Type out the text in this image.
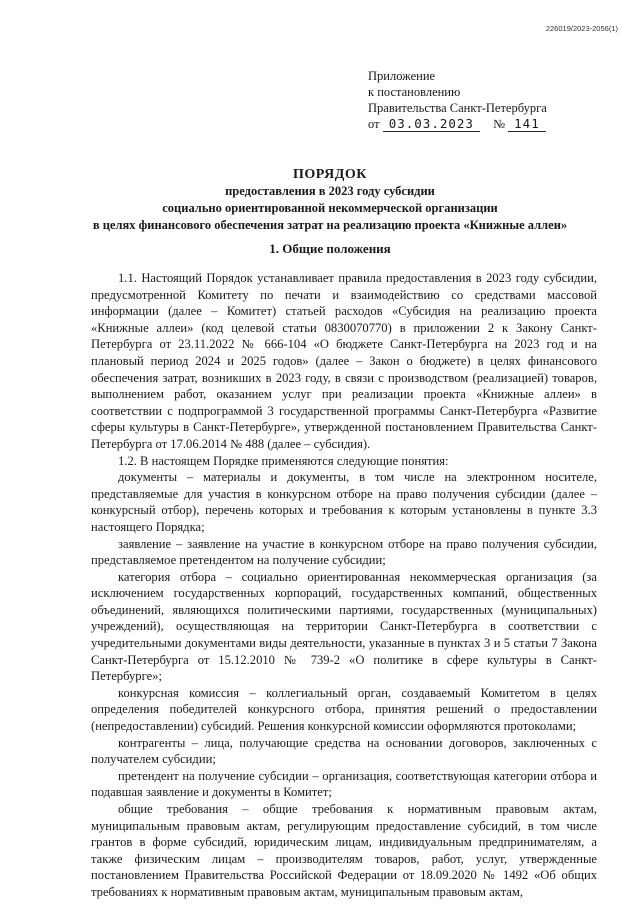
226019/2023-2056(1)
Приложение
к постановлению
Правительства Санкт-Петербурга
от 03.03.2023 № 141
ПОРЯДОК
предоставления в 2023 году субсидии
социально ориентированной некоммерческой организации
в целях финансового обеспечения затрат на реализацию проекта «Книжные аллеи»
1. Общие положения

1.1. Настоящий Порядок устанавливает правила предоставления в 2023 году субсидии, предусмотренной Комитету по печати и взаимодействию со средствами массовой информации (далее – Комитет) статьей расходов «Субсидия на реализацию проекта «Книжные аллеи» (код целевой статьи 0830070770) в приложении 2 к Закону Санкт-Петербурга от 23.11.2022 № 666-104 «О бюджете Санкт-Петербурга на 2023 год и на плановый период 2024 и 2025 годов» (далее – Закон о бюджете) в целях финансового обеспечения затрат, возникших в 2023 году, в связи с производством (реализацией) товаров, выполнением работ, оказанием услуг при реализации проекта «Книжные аллеи» в соответствии с подпрограммой 3 государственной программы Санкт-Петербурга «Развитие сферы культуры в Санкт-Петербурге», утвержденной постановлением Правительства Санкт-Петербурга от 17.06.2014 № 488 (далее – субсидия).

1.2. В настоящем Порядке применяются следующие понятия:

документы – материалы и документы, в том числе на электронном носителе, представляемые для участия в конкурсном отборе на право получения субсидии (далее – конкурсный отбор), перечень которых и требования к которым установлены в пункте 3.3 настоящего Порядка;

заявление – заявление на участие в конкурсном отборе на право получения субсидии, представляемое претендентом на получение субсидии;

категория отбора – социально ориентированная некоммерческая организация (за исключением государственных корпораций, государственных компаний, общественных объединений, являющихся политическими партиями, государственных (муниципальных) учреждений), осуществляющая на территории Санкт-Петербурга в соответствии с учредительными документами виды деятельности, указанные в пунктах 3 и 5 статьи 7 Закона Санкт-Петербурга от 15.12.2010 № 739-2 «О политике в сфере культуры в Санкт-Петербурге»;

конкурсная комиссия – коллегиальный орган, создаваемый Комитетом в целях определения победителей конкурсного отбора, принятия решений о предоставлении (непредоставлении) субсидий. Решения конкурсной комиссии оформляются протоколами;

контрагенты – лица, получающие средства на основании договоров, заключенных с получателем субсидии;

претендент на получение субсидии – организация, соответствующая категории отбора и подавшая заявление и документы в Комитет;

общие требования – общие требования к нормативным правовым актам, муниципальным правовым актам, регулирующим предоставление субсидий, в том числе грантов в форме субсидий, юридическим лицам, индивидуальным предпринимателям, а также физическим лицам – производителям товаров, работ, услуг, утвержденные постановлением Правительства Российской Федерации от 18.09.2020 № 1492 «Об общих требованиях к нормативным правовым актам, муниципальным правовым актам,
